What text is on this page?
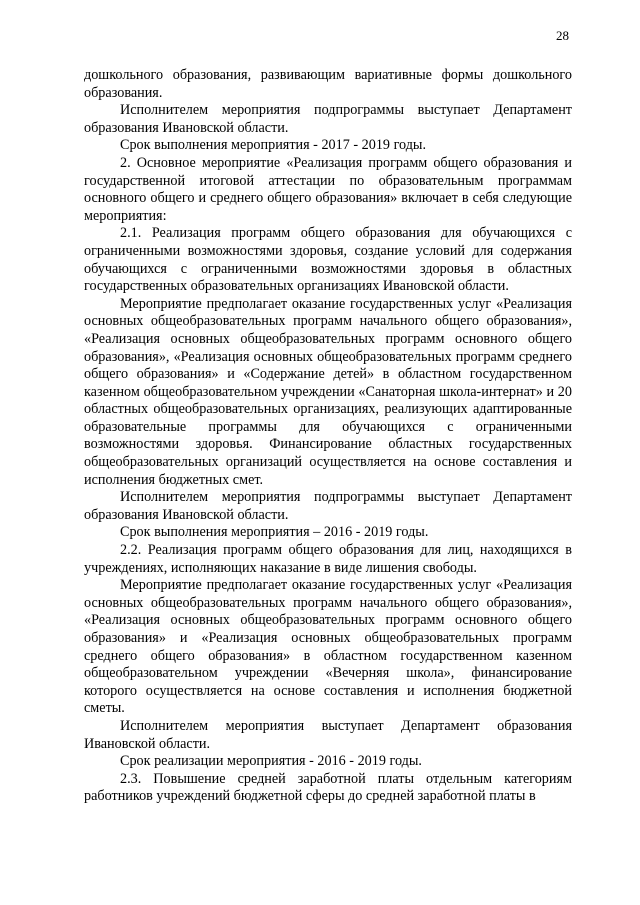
28

дошкольного образования, развивающим вариативные формы дошкольного образования.

Исполнителем мероприятия подпрограммы выступает Департамент образования Ивановской области.

Срок выполнения мероприятия - 2017 - 2019 годы.

2. Основное мероприятие «Реализация программ общего образования и государственной итоговой аттестации по образовательным программам основного общего и среднего общего образования» включает в себя следующие мероприятия:

2.1. Реализация программ общего образования для обучающихся с ограниченными возможностями здоровья, создание условий для содержания обучающихся с ограниченными возможностями здоровья в областных государственных образовательных организациях Ивановской области.

Мероприятие предполагает оказание государственных услуг «Реализация основных общеобразовательных программ начального общего образования», «Реализация основных общеобразовательных программ основного общего образования», «Реализация основных общеобразовательных программ среднего общего образования» и «Содержание детей» в областном государственном казенном общеобразовательном учреждении «Санаторная школа-интернат» и 20 областных общеобразовательных организациях, реализующих адаптированные образовательные программы для обучающихся с ограниченными возможностями здоровья. Финансирование областных государственных общеобразовательных организаций осуществляется на основе составления и исполнения бюджетных смет.

Исполнителем мероприятия подпрограммы выступает Департамент образования Ивановской области.

Срок выполнения мероприятия – 2016 - 2019 годы.

2.2. Реализация программ общего образования для лиц, находящихся в учреждениях, исполняющих наказание в виде лишения свободы.

Мероприятие предполагает оказание государственных услуг «Реализация основных общеобразовательных программ начального общего образования», «Реализация основных общеобразовательных программ основного общего образования» и «Реализация основных общеобразовательных программ среднего общего образования» в областном государственном казенном общеобразовательном учреждении «Вечерняя школа», финансирование которого осуществляется на основе составления и исполнения бюджетной сметы.

Исполнителем мероприятия выступает Департамент образования Ивановской области.

Срок реализации мероприятия - 2016 - 2019 годы.

2.3. Повышение средней заработной платы отдельным категориям работников учреждений бюджетной сферы до средней заработной платы в
